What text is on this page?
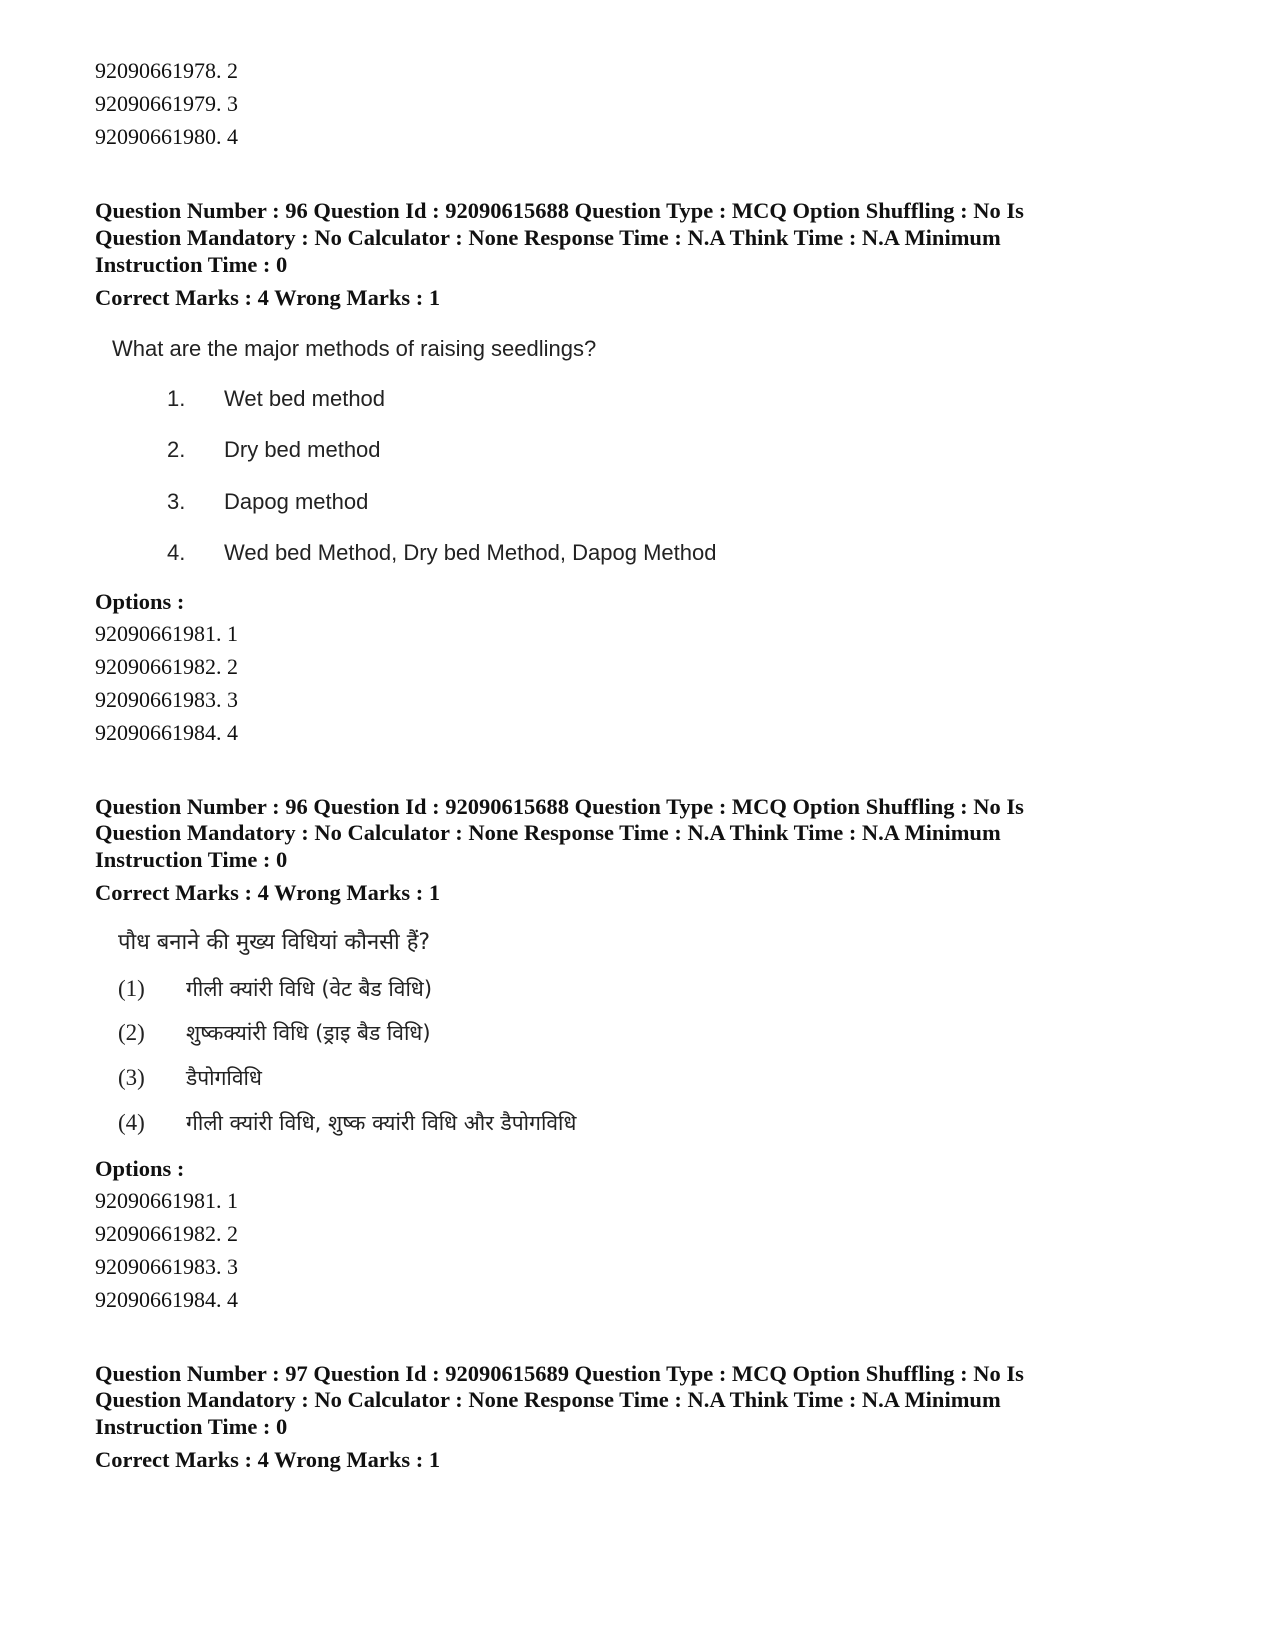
92090661978. 2
92090661979. 3
92090661980. 4
Question Number : 96 Question Id : 92090615688 Question Type : MCQ Option Shuffling : No Is
Question Mandatory : No Calculator : None Response Time : N.A Think Time : N.A Minimum
Instruction Time : 0
Correct Marks : 4 Wrong Marks : 1
What are the major methods of raising seedlings?
1. Wet bed method
2. Dry bed method
3. Dapog method
4. Wed bed Method, Dry bed Method, Dapog Method
Options :
92090661981. 1
92090661982. 2
92090661983. 3
92090661984. 4
Question Number : 96 Question Id : 92090615688 Question Type : MCQ Option Shuffling : No Is
Question Mandatory : No Calculator : None Response Time : N.A Think Time : N.A Minimum
Instruction Time : 0
Correct Marks : 4 Wrong Marks : 1
पौध बनाने की मुख्य विधियां कौनसी हैं?
(1) गीली क्यांरी विधि (वेट बैड विधि)
(2) शुष्कक्यांरी विधि (ड्राइ बैड विधि)
(3) डैपोगविधि
(4) गीली क्यांरी विधि, शुष्क क्यांरी विधि और डैपोगविधि
Options :
92090661981. 1
92090661982. 2
92090661983. 3
92090661984. 4
Question Number : 97 Question Id : 92090615689 Question Type : MCQ Option Shuffling : No Is
Question Mandatory : No Calculator : None Response Time : N.A Think Time : N.A Minimum
Instruction Time : 0
Correct Marks : 4 Wrong Marks : 1
